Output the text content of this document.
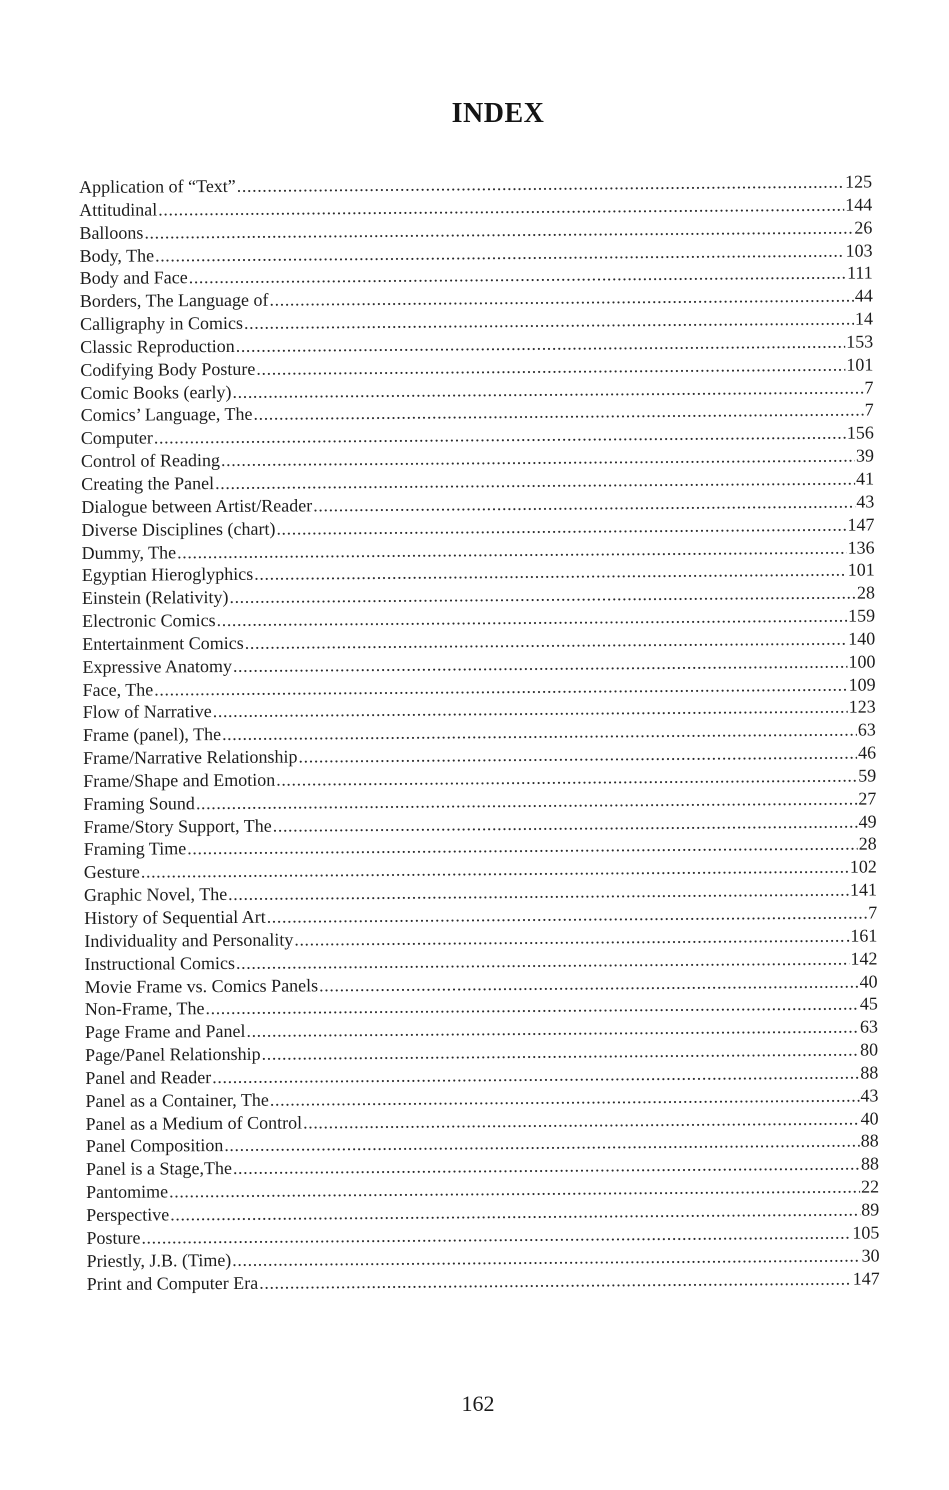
INDEX
Application of “Text” .....	125
Attitudinal .....	144
Balloons .....	26
Body, The .....	103
Body and Face .....	111
Borders, The Language of .....	44
Calligraphy in Comics .....	14
Classic Reproduction .....	153
Codifying Body Posture .....	101
Comic Books (early) .....	7
Comics’ Language, The .....	7
Computer .....	156
Control of Reading .....	39
Creating the Panel .....	41
Dialogue between Artist/Reader .....	43
Diverse Disciplines (chart) .....	147
Dummy, The .....	136
Egyptian Hieroglyphics .....	101
Einstein (Relativity) .....	28
Electronic Comics .....	159
Entertainment Comics .....	140
Expressive Anatomy .....	100
Face, The .....	109
Flow of Narrative .....	123
Frame (panel), The .....	63
Frame/Narrative Relationship .....	46
Frame/Shape and Emotion .....	59
Framing Sound .....	27
Frame/Story Support, The .....	49
Framing Time .....	28
Gesture .....	102
Graphic Novel, The .....	141
History of Sequential Art .....	7
Individuality and Personality .....	.161
Instructional Comics .....	142
Movie Frame vs. Comics Panels .....	40
Non-Frame, The .....	45
Page Frame and Panel .....	63
Page/Panel Relationship .....	80
Panel and Reader .....	88
Panel as a Container, The .....	43
Panel as a Medium of Control .....	40
Panel Composition .....	88
Panel is a Stage,The .....	88
Pantomime .....	22
Perspective .....	89
Posture .....	105
Priestly, J.B. (Time) .....	30
Print and Computer Era .....	147
162
